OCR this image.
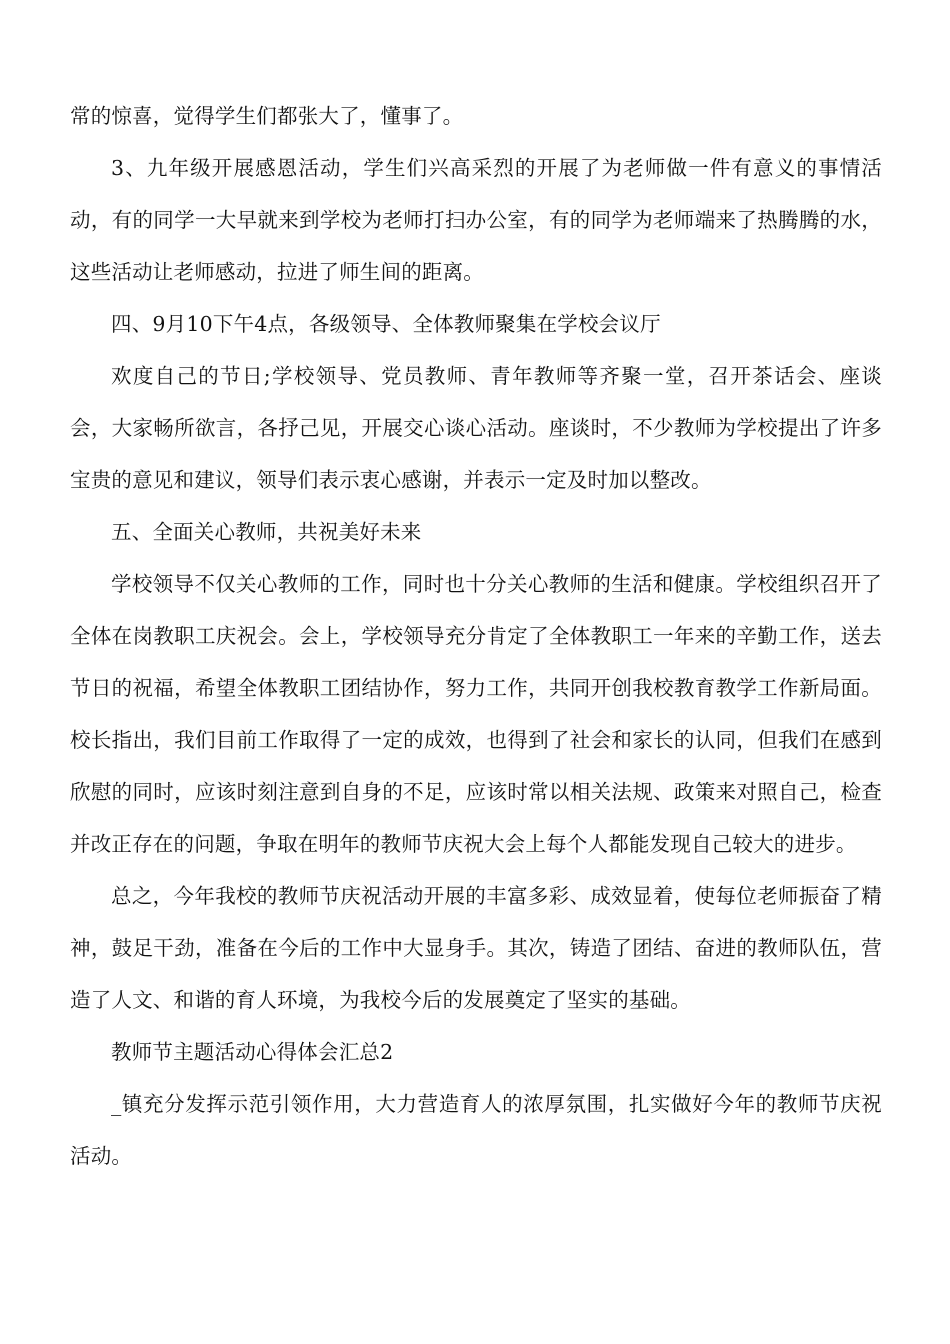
常的惊喜，觉得学生们都张大了，懂事了。

3、九年级开展感恩活动，学生们兴高采烈的开展了为老师做一件有意义的事情活动，有的同学一大早就来到学校为老师打扫办公室，有的同学为老师端来了热腾腾的水，这些活动让老师感动，拉进了师生间的距离。

四、9月10下午4点，各级领导、全体教师聚集在学校会议厅

欢度自己的节日;学校领导、党员教师、青年教师等齐聚一堂，召开茶话会、座谈会，大家畅所欲言，各抒己见，开展交心谈心活动。座谈时，不少教师为学校提出了许多宝贵的意见和建议，领导们表示衷心感谢，并表示一定及时加以整改。

五、全面关心教师，共祝美好未来

学校领导不仅关心教师的工作，同时也十分关心教师的生活和健康。学校组织召开了全体在岗教职工庆祝会。会上，学校领导充分肯定了全体教职工一年来的辛勤工作，送去节日的祝福，希望全体教职工团结协作，努力工作，共同开创我校教育教学工作新局面。校长指出，我们目前工作取得了一定的成效，也得到了社会和家长的认同，但我们在感到欣慰的同时，应该时刻注意到自身的不足，应该时常以相关法规、政策来对照自己，检查并改正存在的问题，争取在明年的教师节庆祝大会上每个人都能发现自己较大的进步。

总之，今年我校的教师节庆祝活动开展的丰富多彩、成效显着，使每位老师振奋了精神，鼓足干劲，准备在今后的工作中大显身手。其次，铸造了团结、奋进的教师队伍，营造了人文、和谐的育人环境，为我校今后的发展奠定了坚实的基础。

教师节主题活动心得体会汇总2

_镇充分发挥示范引领作用，大力营造育人的浓厚氛围，扎实做好今年的教师节庆祝活动。
